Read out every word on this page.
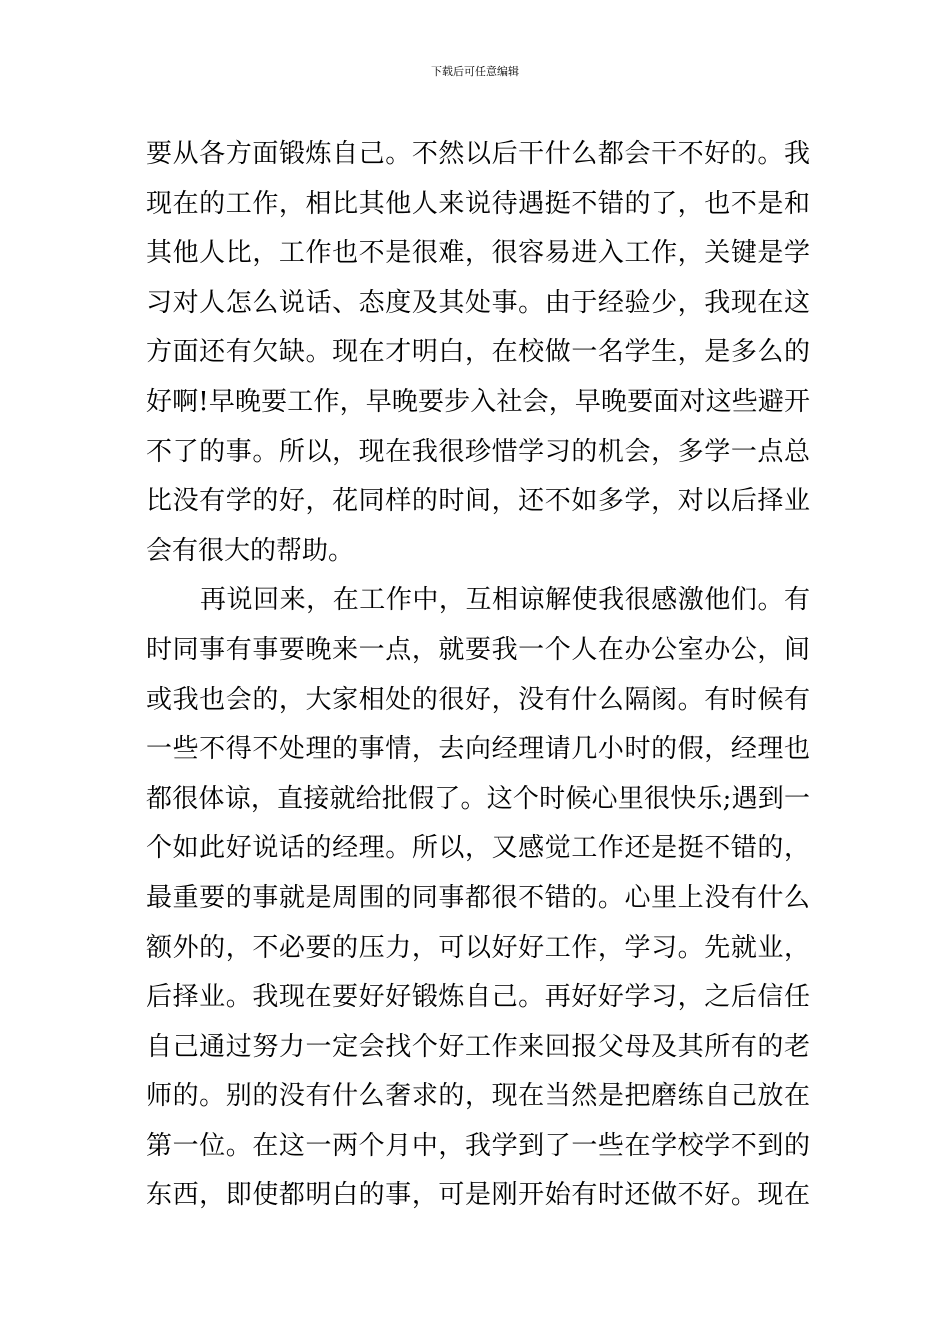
下载后可任意编辑
要从各方面锻炼自己。不然以后干什么都会干不好的。我
现在的工作，相比其他人来说待遇挺不错的了，也不是和
其他人比，工作也不是很难，很容易进入工作，关键是学
习对人怎么说话、态度及其处事。由于经验少，我现在这
方面还有欠缺。现在才明白，在校做一名学生，是多么的
好啊!早晚要工作，早晚要步入社会，早晚要面对这些避开
不了的事。所以，现在我很珍惜学习的机会，多学一点总
比没有学的好，花同样的时间，还不如多学，对以后择业
会有很大的帮助。
再说回来，在工作中，互相谅解使我很感激他们。有
时同事有事要晚来一点，就要我一个人在办公室办公，间
或我也会的，大家相处的很好，没有什么隔阂。有时候有
一些不得不处理的事情，去向经理请几小时的假，经理也
都很体谅，直接就给批假了。这个时候心里很快乐;遇到一
个如此好说话的经理。所以，又感觉工作还是挺不错的，
最重要的事就是周围的同事都很不错的。心里上没有什么
额外的，不必要的压力，可以好好工作，学习。先就业，
后择业。我现在要好好锻炼自己。再好好学习，之后信任
自己通过努力一定会找个好工作来回报父母及其所有的老
师的。别的没有什么奢求的，现在当然是把磨练自己放在
第一位。在这一两个月中，我学到了一些在学校学不到的
东西，即使都明白的事，可是刚开始有时还做不好。现在
